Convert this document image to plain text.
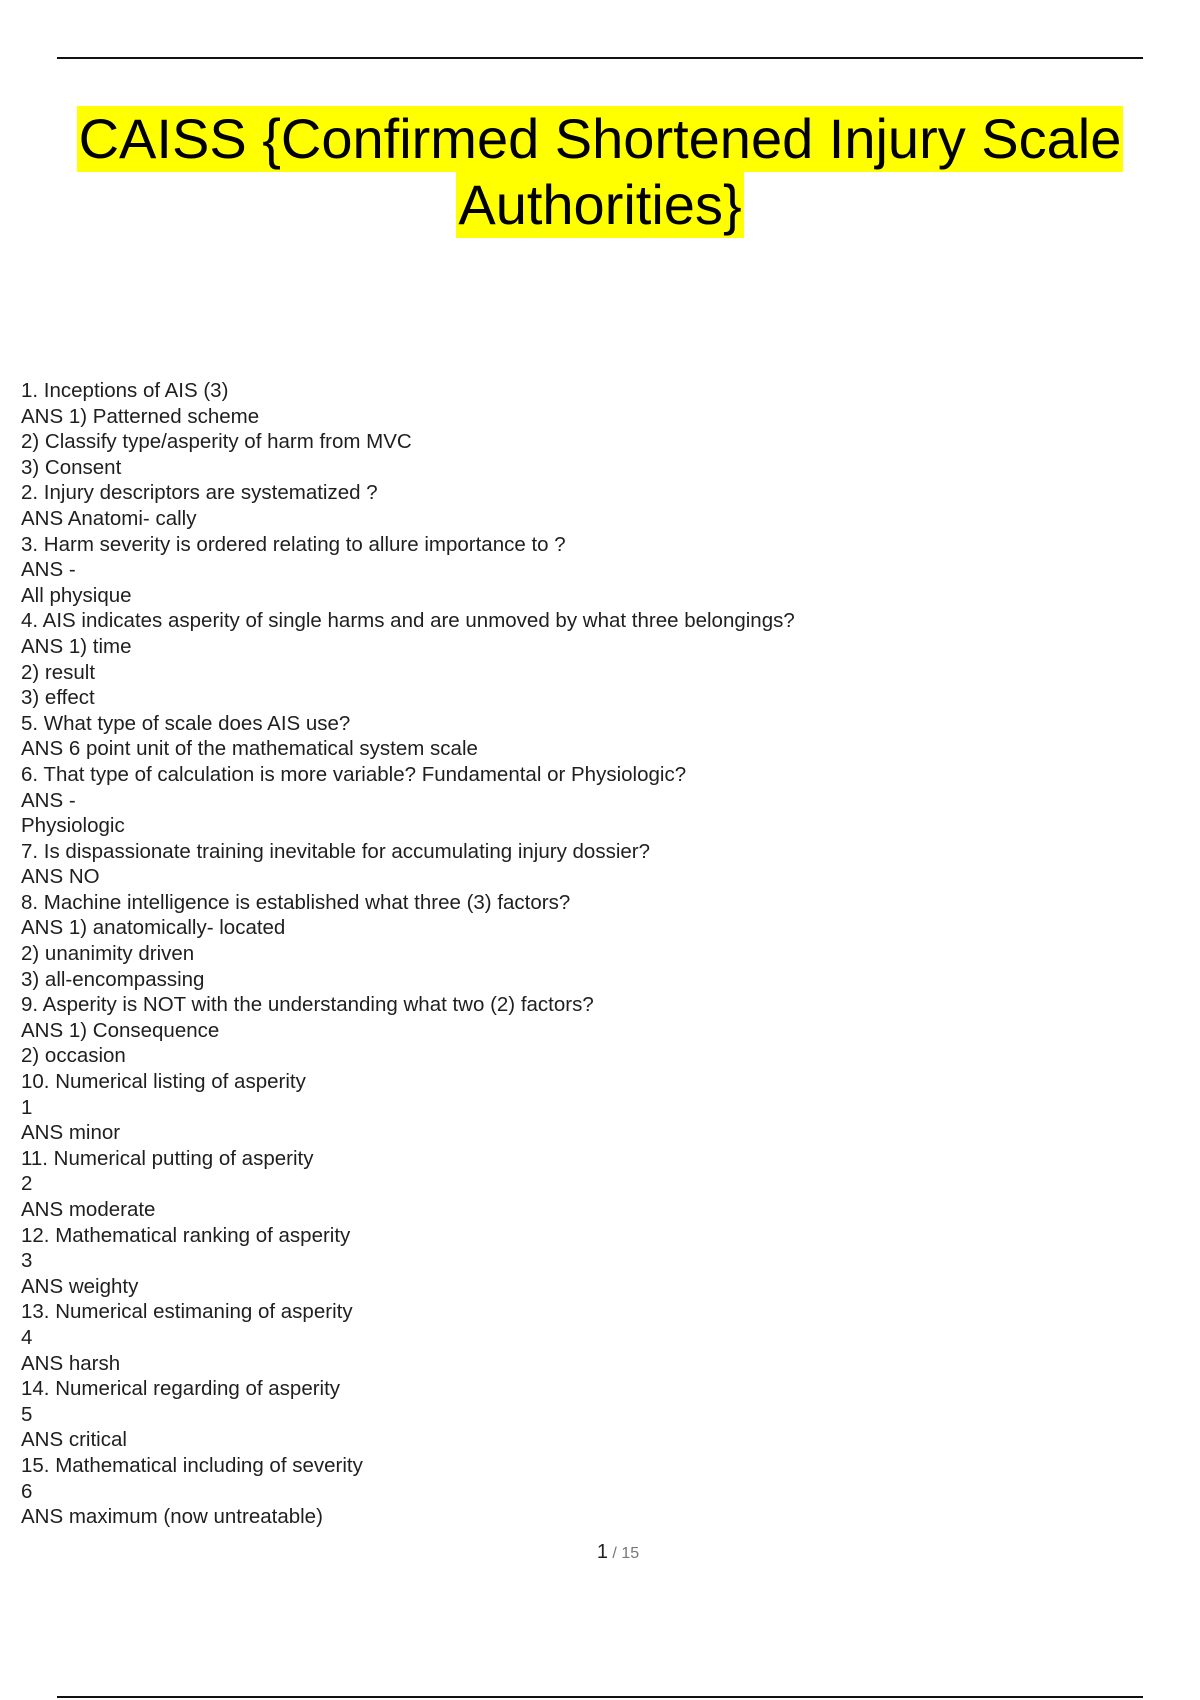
CAISS {Confirmed Shortened Injury Scale
Authorities}
1. Inceptions of AIS (3)
ANS 1) Patterned scheme
2) Classify type/asperity of harm from MVC
3) Consent
2. Injury descriptors are systematized ?
ANS Anatomi- cally
3. Harm severity is ordered relating to allure importance to ?
ANS -
All physique
4. AIS indicates asperity of single harms and are unmoved by what three belongings?
ANS 1) time
2) result
3) effect
5. What type of scale does AIS use?
ANS 6 point unit of the mathematical system scale
6. That type of calculation is more variable? Fundamental or Physiologic?
ANS -
Physiologic
7. Is dispassionate training inevitable for accumulating injury dossier?
ANS NO
8. Machine intelligence is established what three (3) factors?
ANS 1) anatomically- located
2) unanimity driven
3) all-encompassing
9. Asperity is NOT with the understanding what two (2) factors?
ANS 1) Consequence
2) occasion
10. Numerical listing of asperity
1
ANS minor
11. Numerical putting of asperity
2
ANS moderate
12. Mathematical ranking of asperity
3
ANS weighty
13. Numerical estimaning of asperity
4
ANS harsh
14. Numerical regarding of asperity
5
ANS critical
15. Mathematical including of severity
6
ANS maximum (now untreatable)
1 / 15
